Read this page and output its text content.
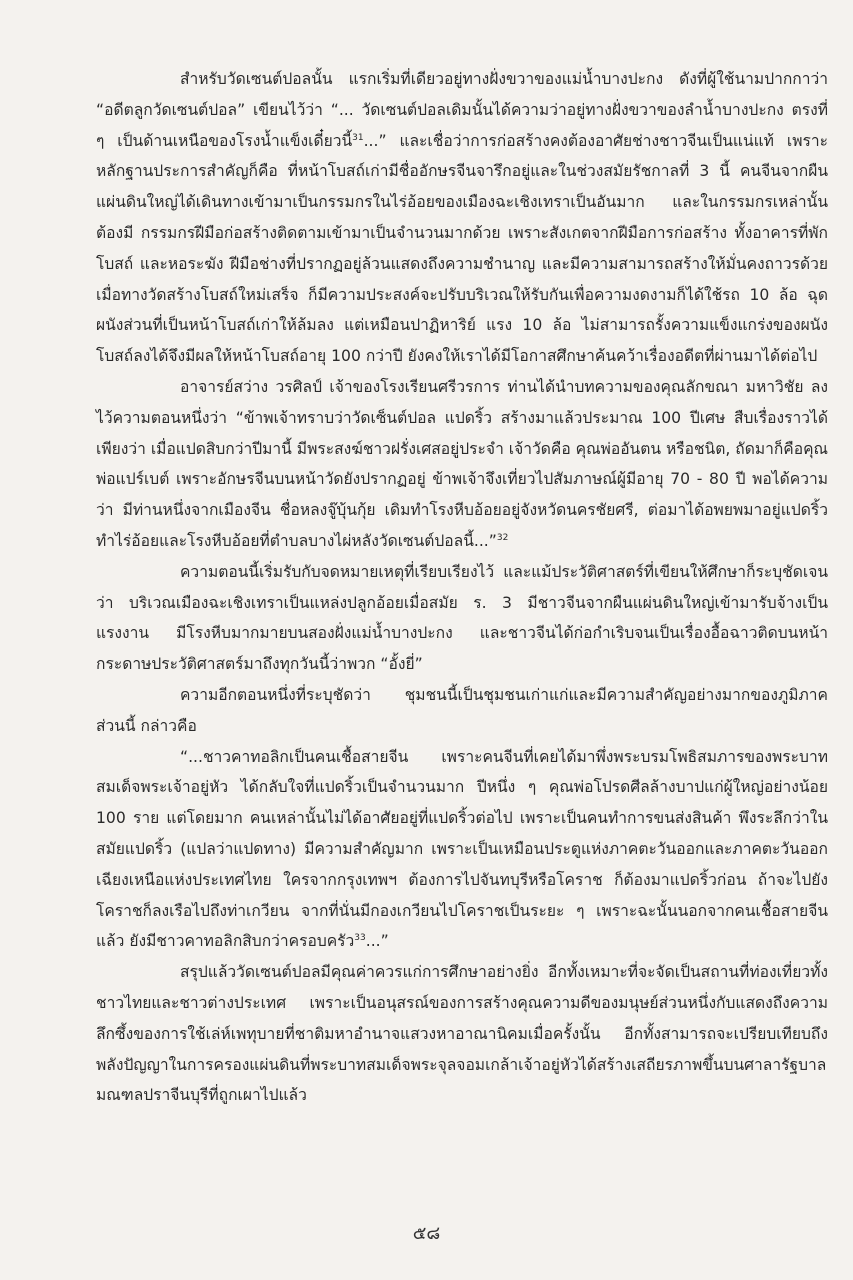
สำหรับวัดเซนต์ปอลนั้น แรกเริ่มที่เดียวอยู่ทางฝั่งขวาของแม่น้ำบางปะกง ดังที่ผู้ใช้นามปากกาว่า “อดีตลูกวัดเซนต์ปอล” เขียนไว้ว่า “... วัดเซนต์ปอลเดิมนั้นได้ความว่าอยู่ทางฝั่งขวาของลำน้ำบางปะกง ตรงที่ ๆ เป็นด้านเหนือของโรงน้ำแข็งเดี๋ยวนี้$^{31}$...” และเชื่อว่าการก่อสร้างคงต้องอาศัยช่างชาวจีนเป็นแน่แท้ เพราะหลักฐานประการสำคัญก็คือ ที่หน้าโบสถ์เก่ามีชื่ออักษรจีนจารึกอยู่และในช่วงสมัยรัชกาลที่ 3 นี้ คนจีนจากผืนแผ่นดินใหญ่ได้เดินทางเข้ามาเป็นกรรมกรในไร่อ้อยของเมืองฉะเชิงเทราเป็นอันมาก และในกรรมกรเหล่านั้นต้องมี กรรมกรฝีมือก่อสร้างติดตามเข้ามาเป็นจำนวนมากด้วย เพราะสังเกตจากฝีมือการก่อสร้าง ทั้งอาคารที่พัก โบสถ์ และหอระฆัง ฝีมือช่างที่ปรากฏอยู่ล้วนแสดงถึงความชำนาญ และมีความสามารถสร้างให้มั่นคงถาวรด้วย เมื่อทางวัดสร้างโบสถ์ใหม่เสร็จ ก็มีความประสงค์จะปรับบริเวณให้รับกันเพื่อความงดงามก็ได้ใช้รถ 10 ล้อ ฉุดผนังส่วนที่เป็นหน้าโบสถ์เก่าให้ล้มลง แต่เหมือนปาฏิหาริย์ แรง 10 ล้อ ไม่สามารถรั้งความแข็งแกร่งของผนังโบสถ์ลงได้จึงมีผลให้หน้าโบสถ์อายุ 100 กว่าปี ยังคงให้เราได้มีโอกาสศึกษาค้นคว้าเรื่องอดีตที่ผ่านมาได้ต่อไป

อาจารย์สว่าง วรศิลป์ เจ้าของโรงเรียนศรีวรการ ท่านได้นำบทความของคุณลักขณา มหาวิชัย ลงไว้ความตอนหนึ่งว่า “ข้าพเจ้าทราบว่าวัดเซ็นต์ปอล แปดริ้ว สร้างมาแล้วประมาณ 100 ปีเศษ สืบเรื่องราวได้เพียงว่า เมื่อแปดสิบกว่าปีมานี้ มีพระสงฆ์ชาวฝรั่งเศสอยู่ประจำ เจ้าวัดคือ คุณพ่ออันตน หรือชนิต, ถัดมาก็คือคุณพ่อแปร์เบต์ เพราะอักษรจีนบนหน้าวัดยังปรากฏอยู่ ข้าพเจ้าจึงเที่ยวไปสัมภาษณ์ผู้มีอายุ 70 - 80 ปี พอได้ความว่า มีท่านหนึ่งจากเมืองจีน ชื่อหลงจู๊บุ้นกุ้ย เดิมทำโรงหีบอ้อยอยู่จังหวัดนครชัยศรี, ต่อมาได้อพยพมาอยู่แปดริ้วทำไร่อ้อยและโรงหีบอ้อยที่ตำบลบางไผ่หลังวัดเซนต์ปอลนี้...”$^{32}$

ความตอนนี้เริ่มรับกับจดหมายเหตุที่เรียบเรียงไว้ และแม้ประวัติศาสตร์ที่เขียนให้ศึกษาก็ระบุชัดเจนว่า บริเวณเมืองฉะเชิงเทราเป็นแหล่งปลูกอ้อยเมื่อสมัย ร. 3 มีชาวจีนจากผืนแผ่นดินใหญ่เข้ามารับจ้างเป็นแรงงาน มีโรงหีบมากมายบนสองฝั่งแม่น้ำบางปะกง และชาวจีนได้ก่อกำเริบจนเป็นเรื่องอื้อฉาวติดบนหน้ากระดาษประวัติศาสตร์มาถึงทุกวันนี้ว่าพวก “อั้งยี่”

ความอีกตอนหนึ่งที่ระบุชัดว่า ชุมชนนี้เป็นชุมชนเก่าแก่และมีความสำคัญอย่างมากของภูมิภาคส่วนนี้ กล่าวคือ

“...ชาวคาทอลิกเป็นคนเชื้อสายจีน เพราะคนจีนที่เคยได้มาพึ่งพระบรมโพธิสมภารของพระบาทสมเด็จพระเจ้าอยู่หัว ได้กลับใจที่แปดริ้วเป็นจำนวนมาก ปีหนึ่ง ๆ คุณพ่อโปรดศีลล้างบาปแก่ผู้ใหญ่อย่างน้อย 100 ราย แต่โดยมาก คนเหล่านั้นไม่ได้อาศัยอยู่ที่แปดริ้วต่อไป เพราะเป็นคนทำการขนส่งสินค้า พึงระลึกว่าในสมัยแปดริ้ว (แปลว่าแปดทาง) มีความสำคัญมาก เพราะเป็นเหมือนประตูแห่งภาคตะวันออกและภาคตะวันออกเฉียงเหนือแห่งประเทศไทย ใครจากกรุงเทพฯ ต้องการไปจันทบุรีหรือโคราช ก็ต้องมาแปดริ้วก่อน ถ้าจะไปยังโคราชก็ลงเรือไปถึงท่าเกวียน จากที่นั่นมีกองเกวียนไปโคราชเป็นระยะ ๆ เพราะฉะนั้นนอกจากคนเชื้อสายจีนแล้ว ยังมีชาวคาทอลิกสิบกว่าครอบครัว$^{33}$...”

สรุปแล้ววัดเซนต์ปอลมีคุณค่าควรแก่การศึกษาอย่างยิ่ง อีกทั้งเหมาะที่จะจัดเป็นสถานที่ท่องเที่ยวทั้งชาวไทยและชาวต่างประเทศ เพราะเป็นอนุสรณ์ของการสร้างคุณความดีของมนุษย์ส่วนหนึ่งกับแสดงถึงความลึกซึ้งของการใช้เล่ห์เพทุบายที่ชาติมหาอำนาจแสวงหาอาณานิคมเมื่อครั้งนั้น อีกทั้งสามารถจะเปรียบเทียบถึงพลังปัญญาในการครองแผ่นดินที่พระบาทสมเด็จพระจุลจอมเกล้าเจ้าอยู่หัวได้สร้างเสถียรภาพขึ้นบนศาลารัฐบาลมณฑลปราจีนบุรีที่ถูกเผาไปแล้ว

๕๘
